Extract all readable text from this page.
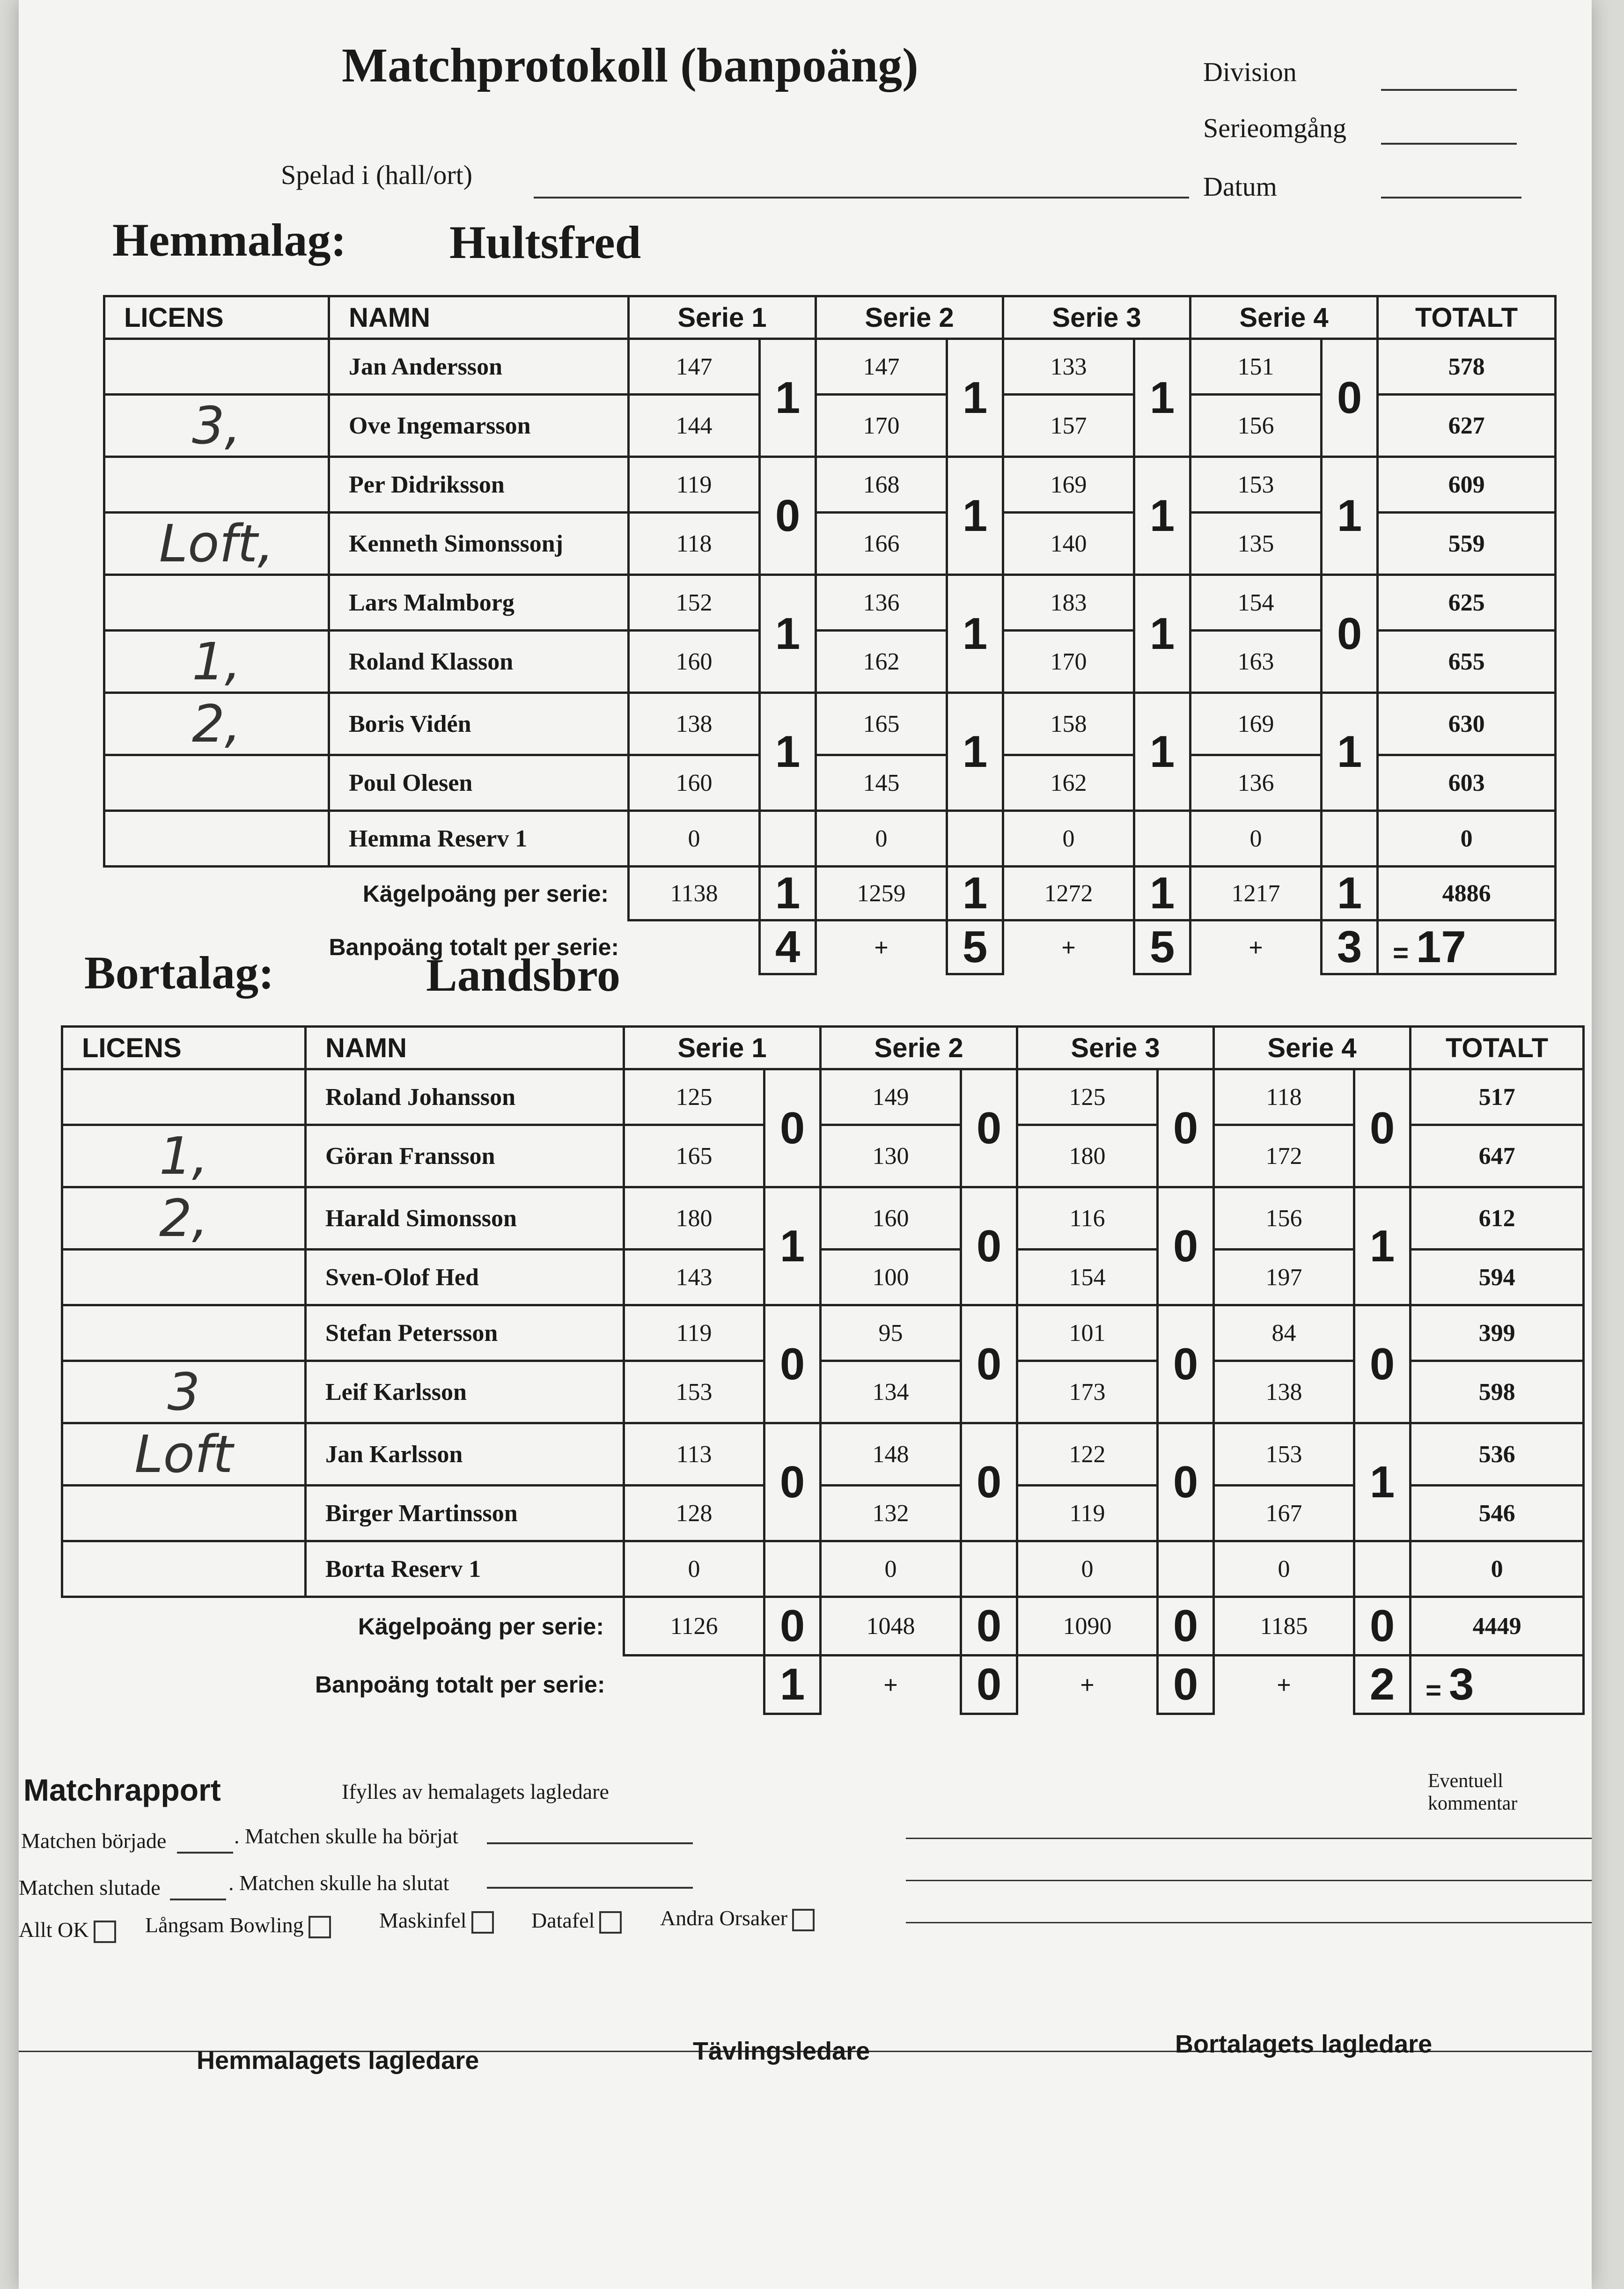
Matchprotokoll (banpoäng)	Division
Serieomgång
Spelad i (hall/ort)	Datum
Hemmalag: Hultsfred
LICENS	NAMN	Serie 1		Serie 2		Serie 3		Serie 4		TOTALT
	Jan Andersson	147	1	147	1	133	1	151	0	578
3,	Ove Ingemarsson	144		170		157		156		627
	Per Didriksson	119	0	168	1	169	1	153	1	609
Loft,	Kenneth Simonssonj	118		166		140		135		559
	Lars Malmborg	152	1	136	1	183	1	154	0	625
1,	Roland Klasson	160		162		170		163		655
2,	Boris Vidén	138	1	165	1	158	1	169	1	630
	Poul Olesen	160		145		162		136		603
	Hemma Reserv 1	0		0		0		0		0
	Kägelpoäng per serie:	1138	1	1259	1	1272	1	1217	1	4886
	Banpoäng totalt per serie:		4	+	5	+	5	+	3	= 17
Bortalag:	Landsbro
LICENS	NAMN	Serie 1		Serie 2		Serie 3		Serie 4		TOTALT
	Roland Johansson	125	0	149	0	125	0	118	0	517
1,	Göran Fransson	165		130		180		172		647
2,	Harald Simonsson	180	1	160	0	116	0	156	1	612
	Sven-Olof Hed	143		100		154		197		594
	Stefan Petersson	119	0	95	0	101	0	84	0	399
3	Leif Karlsson	153		134		173		138		598
Loft	Jan Karlsson	113	0	148	0	122	0	153	1	536
	Birger Martinsson	128		132		119		167		546
	Borta Reserv 1	0		0		0		0		0
	Kägelpoäng per serie:	1126	0	1048	0	1090	0	1185	0	4449
	Banpoäng totalt per serie:		1	+	0	+	0	+	2	= 3
Matchrapport	Ifylles av hemalagets lagledare	Eventuell kommentar
Matchen började	. Matchen skulle ha börjat
Matchen slutade	. Matchen skulle ha slutat
Allt OK	Långsam Bowling	Maskinfel	Datafel	Andra Orsaker
Hemmalagets lagledare	Tävlingsledare	Bortalagets lagledare
